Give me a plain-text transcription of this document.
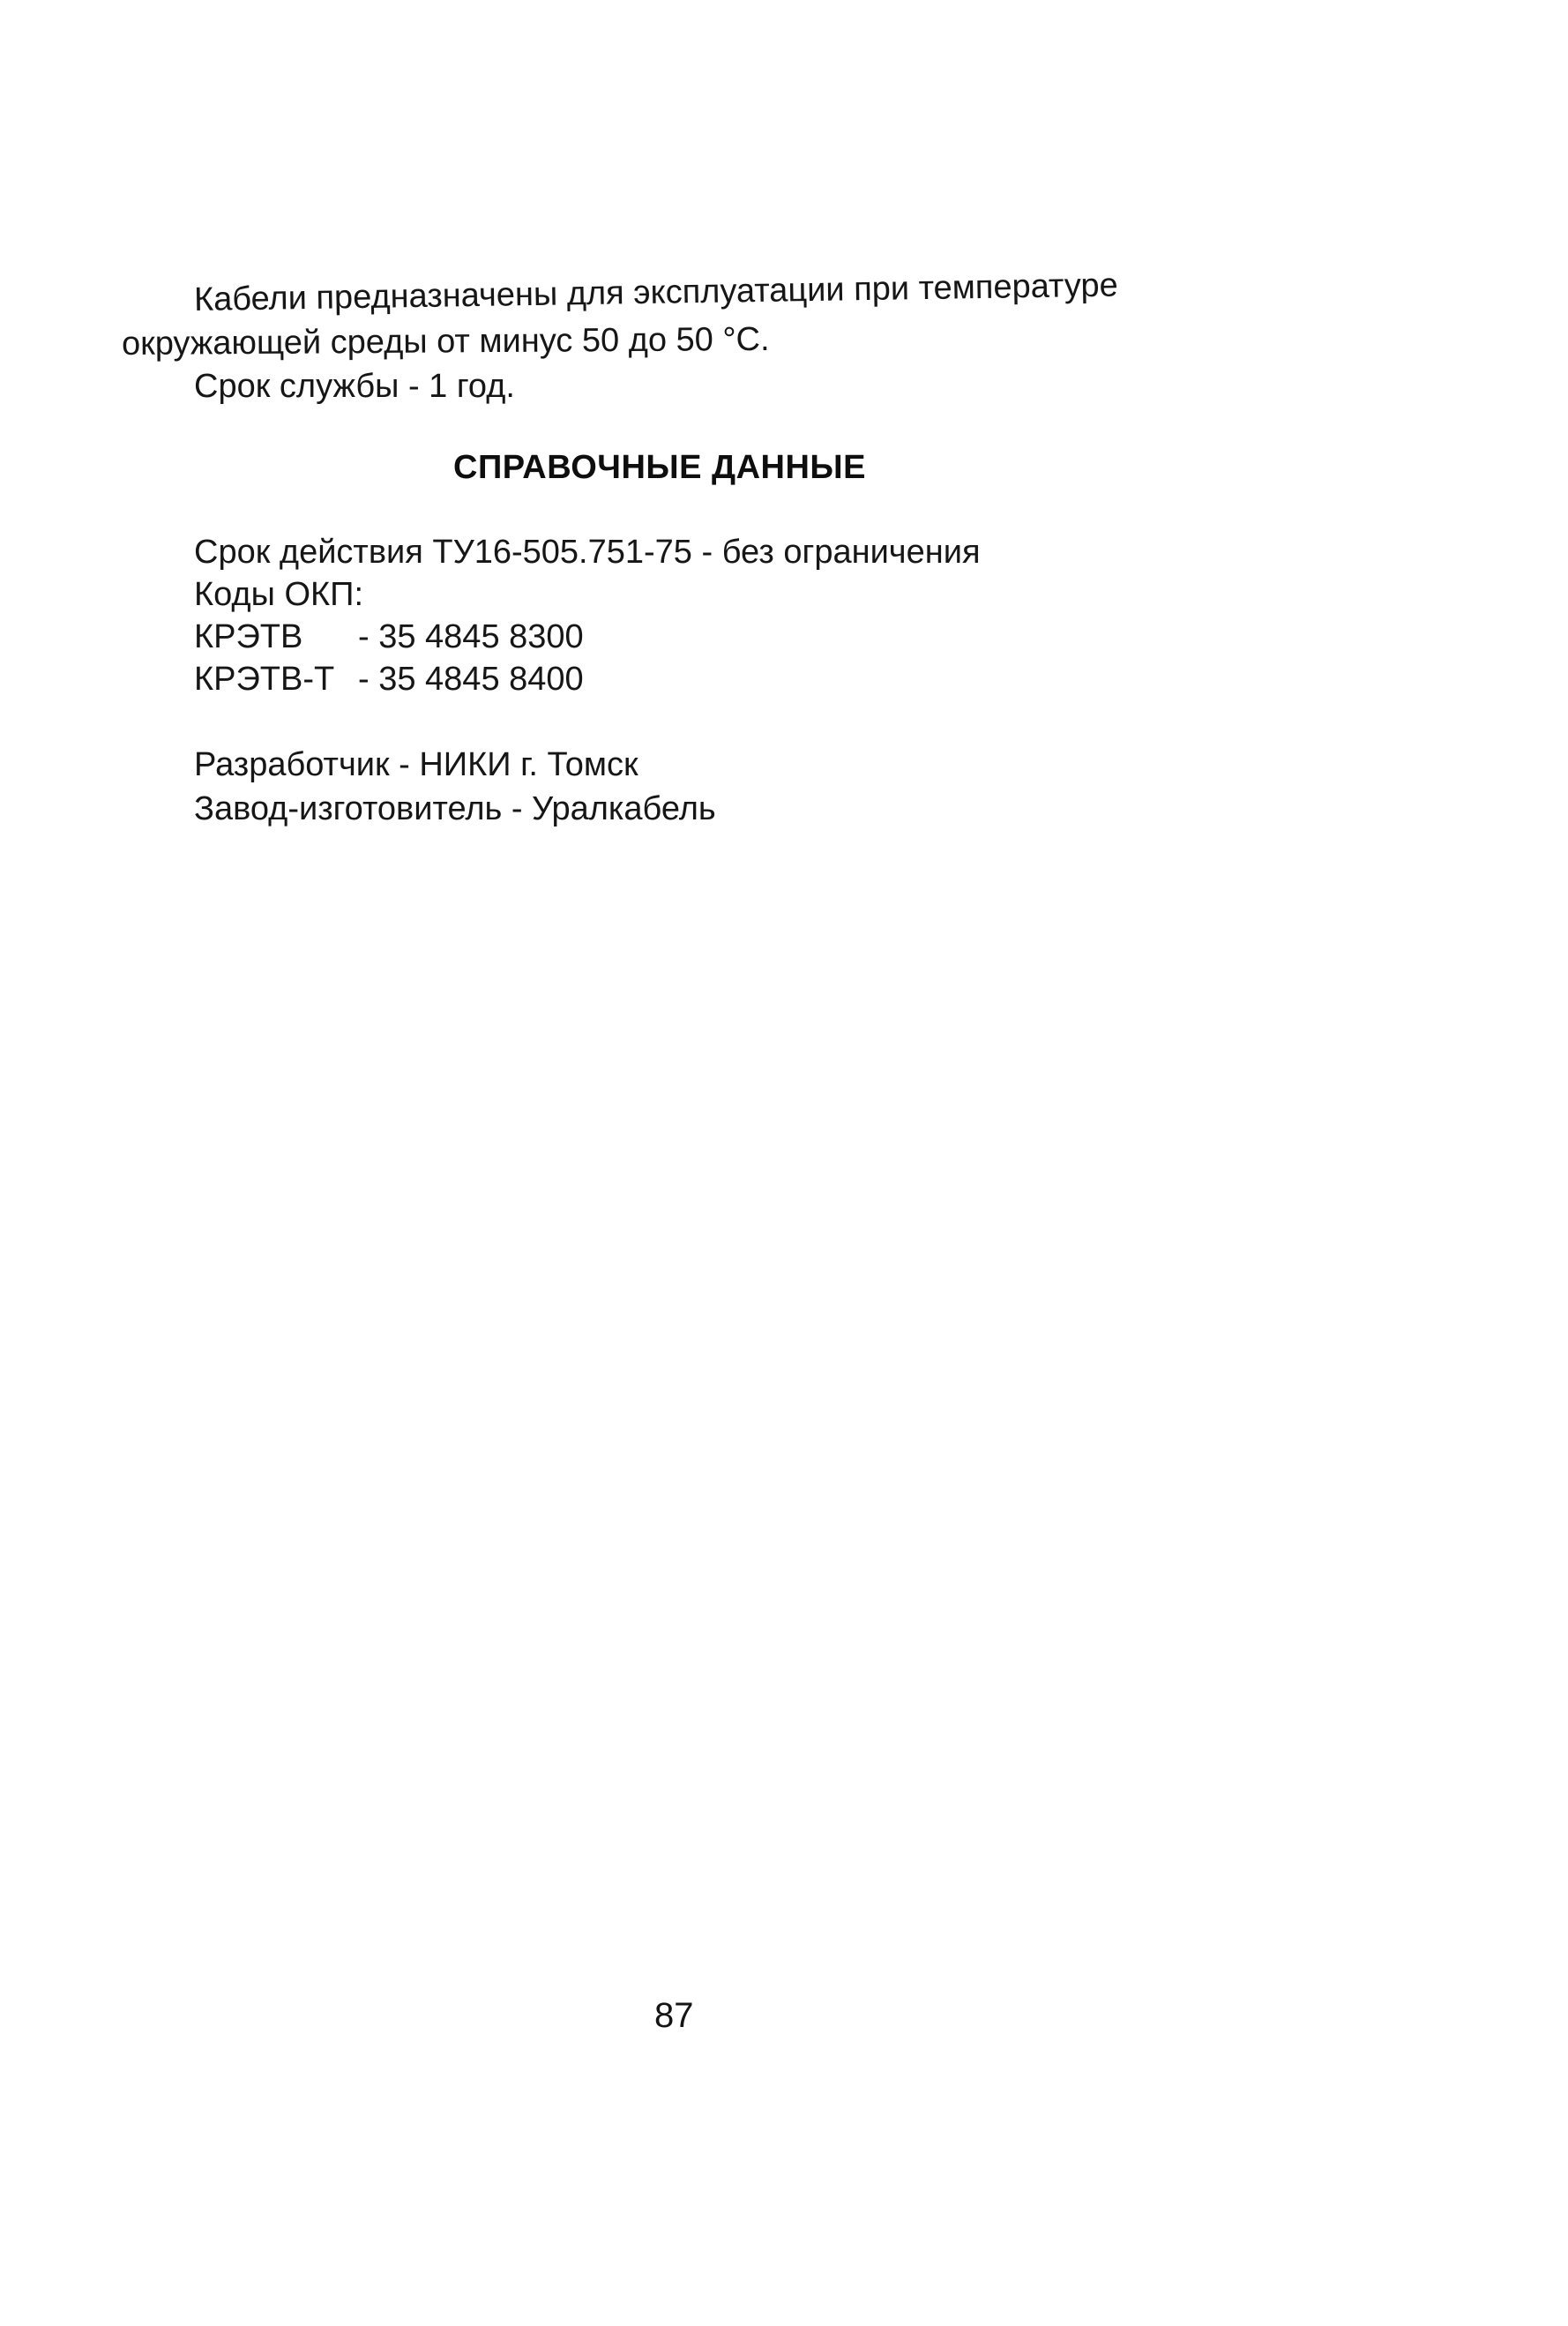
Кабели предназначены для эксплуатации при температуре
окружающей среды от минус 50 до 50 °С.
Срок службы - 1 год.
СПРАВОЧНЫЕ ДАННЫЕ
Срок действия ТУ16-505.751-75 - без ограничения
Коды ОКП:
КРЭТВ - 35 4845 8300
КРЭТВ-Т - 35 4845 8400
Разработчик - НИКИ г. Томск
Завод-изготовитель - Уралкабель
87
